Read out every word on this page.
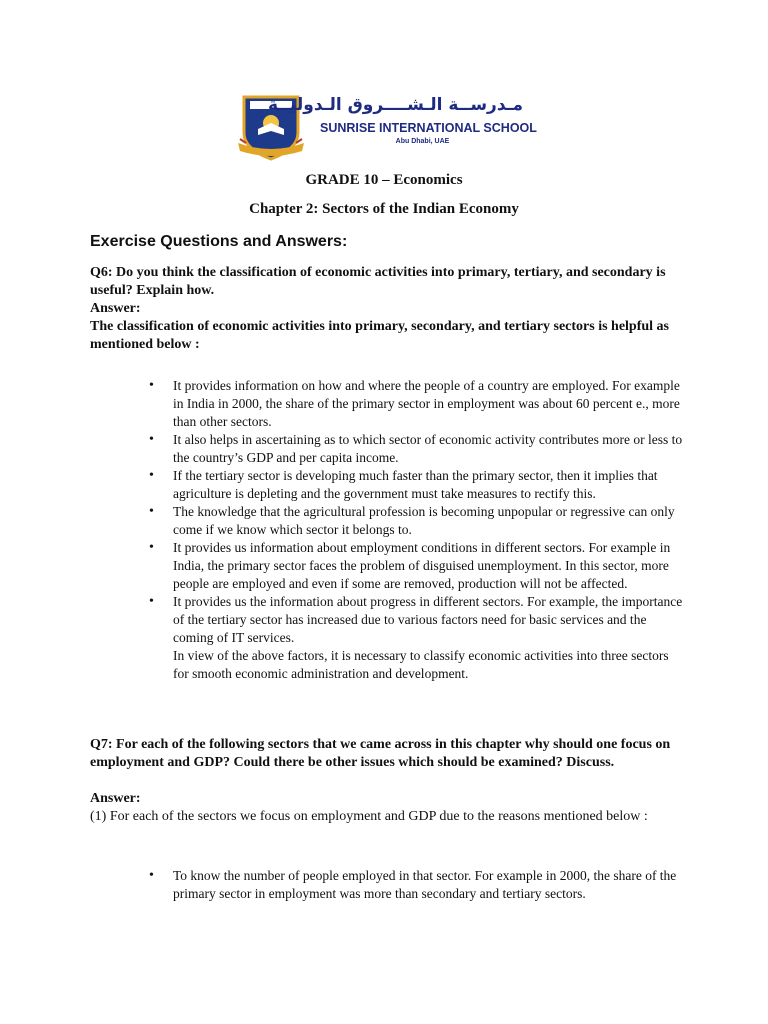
مـدرســة الـشــــروق الـدوليــة
SUNRISE INTERNATIONAL SCHOOL
Abu Dhabi, UAE
GRADE 10 – Economics
Chapter 2: Sectors of the Indian Economy
Exercise Questions and Answers:
Q6: Do you think the classification of economic activities into primary, tertiary, and secondary is useful? Explain how.
Answer:
The classification of economic activities into primary, secondary, and tertiary sectors is helpful as mentioned below :
• It provides information on how and where the people of a country are employed. For example in India in 2000, the share of the primary sector in employment was about 60 percent e., more than other sectors.
• It also helps in ascertaining as to which sector of economic activity contributes more or less to the country’s GDP and per capita income.
• If the tertiary sector is developing much faster than the primary sector, then it implies that agriculture is depleting and the government must take measures to rectify this.
• The knowledge that the agricultural profession is becoming unpopular or regressive can only come if we know which sector it belongs to.
• It provides us information about employment conditions in different sectors. For example in India, the primary sector faces the problem of disguised unemployment. In this sector, more people are employed and even if some are removed, production will not be affected.
• It provides us the information about progress in different sectors. For example, the importance of the tertiary sector has increased due to various factors need for basic services and the coming of IT services.
In view of the above factors, it is necessary to classify economic activities into three sectors for smooth economic administration and development.
Q7: For each of the following sectors that we came across in this chapter why should one focus on employment and GDP? Could there be other issues which should be examined? Discuss.
Answer:
(1) For each of the sectors we focus on employment and GDP due to the reasons mentioned below :
• To know the number of people employed in that sector. For example in 2000, the share of the primary sector in employment was more than secondary and tertiary sectors.
